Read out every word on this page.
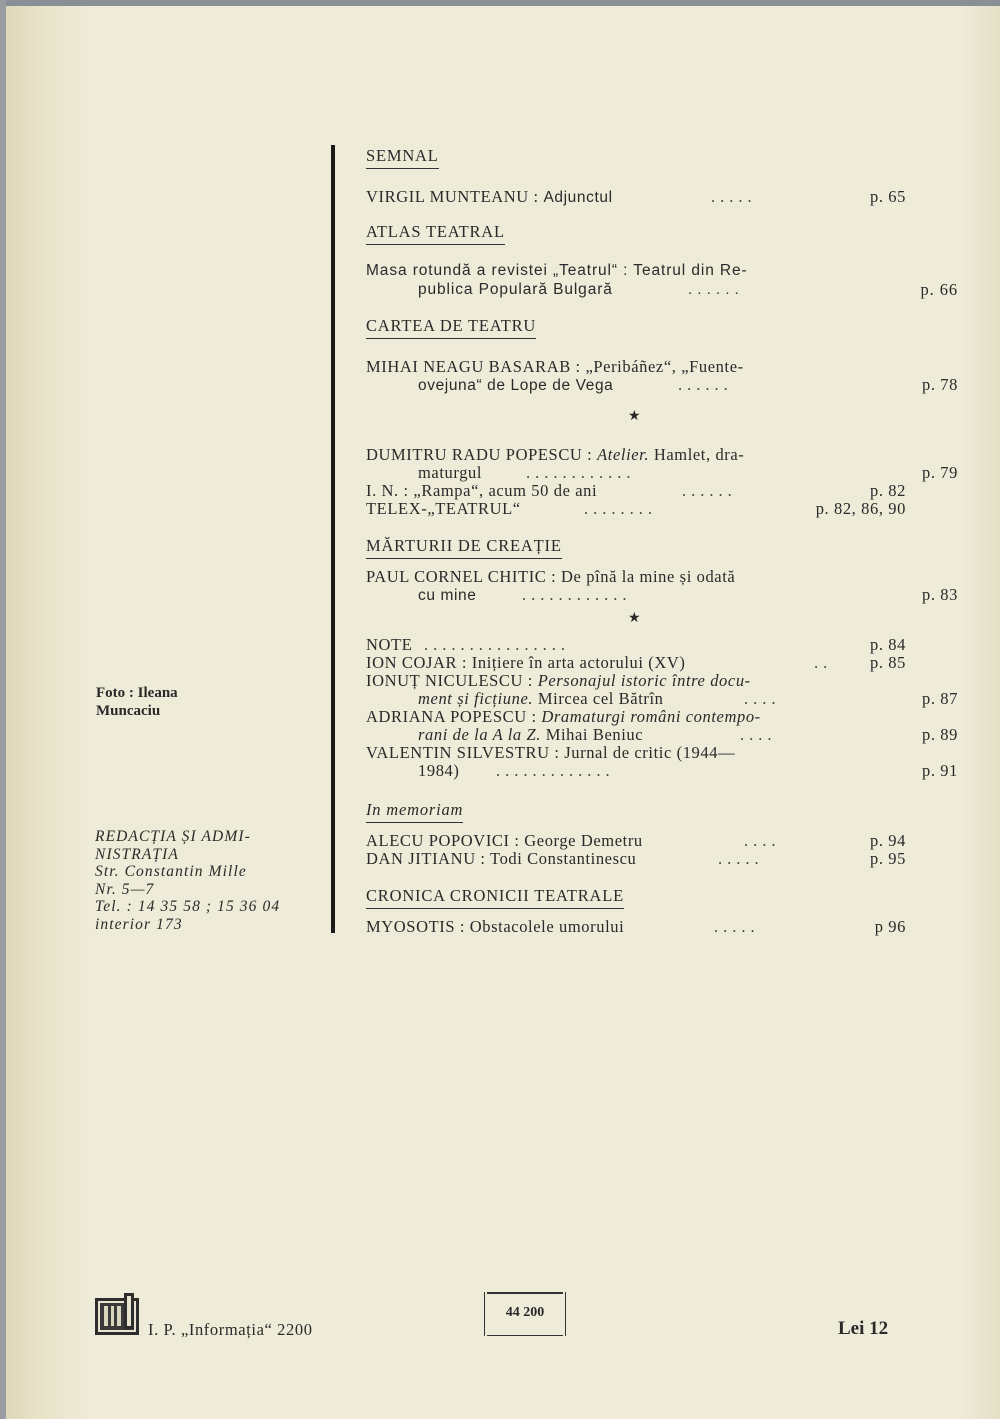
SEMNAL
VIRGIL MUNTEANU : Adjunctul	.....	p. 65
ATLAS TEATRAL
Masa rotundă a revistei „Teatrul“ : Teatrul din Re-
publica Populară Bulgară	......	p. 66
CARTEA DE TEATRU
MIHAI NEAGU BASARAB : „Peribáñez“, „Fuente-
ovejuna“ de Lope de Vega	......	p. 78
★
DUMITRU RADU POPESCU : Atelier. Hamlet, dra-
maturgul	............	p. 79
I. N. : „Rampa“, acum 50 de ani	......	p. 82
TELEX-„TEATRUL“	........	p. 82, 86, 90
MĂRTURII DE CREAȚIE
PAUL CORNEL CHITIC : De pînă la mine și odată
cu mine	............	p. 83
★
NOTE ................	p. 84
ION COJAR : Inițiere în arta actorului (XV)	.. p. 85
IONUȚ NICULESCU : Personajul istoric între docu-
ment și ficțiune. Mircea cel Bătrîn	....	p. 87
ADRIANA POPESCU : Dramaturgi români contempo-
rani de la A la Z. Mihai Beniuc	....	p. 89
VALENTIN SILVESTRU : Jurnal de critic (1944—
1984) .............	p. 91
In memoriam
ALECU POPOVICI : George Demetru	....	p. 94
DAN JITIANU : Todi Constantinescu	.....	p. 95
CRONICA CRONICII TEATRALE
MYOSOTIS : Obstacolele umorului	.....	p 96
Foto : Ileana
Muncaciu
REDACȚIA ȘI ADMI-
NISTRAȚIA
Str. Constantin Mille
Nr. 5—7
Tel. : 14 35 58 ; 15 36 04
interior 173
I. P. „Informația“ 2200
44 200
Lei 12
